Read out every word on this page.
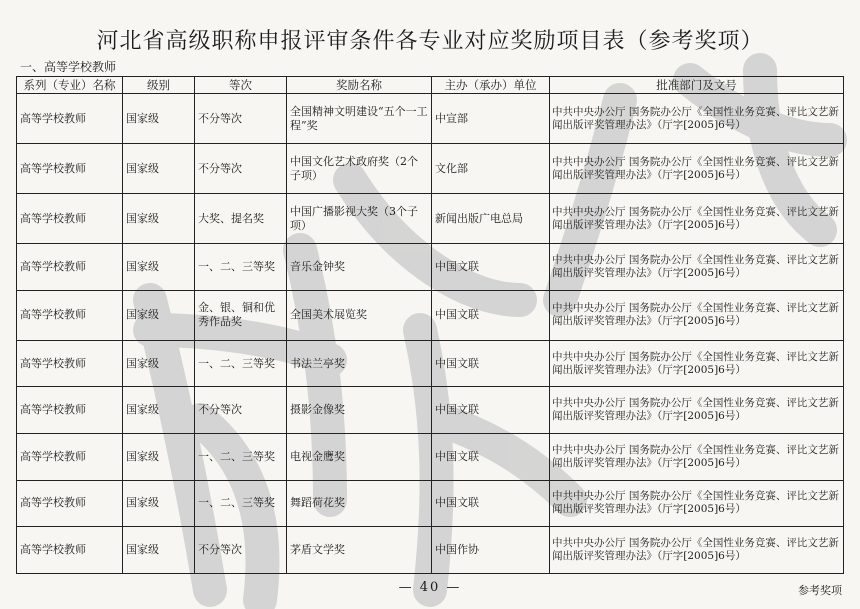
河北省高级职称申报评审条件各专业对应奖励项目表（参考奖项）
一、高等学校教师
系列（专业）名称	级别	等次	奖励名称	主办（承办）单位	批准部门及文号
高等学校教师	国家级	不分等次	全国精神文明建设“五个一工程”奖	中宣部	中共中央办公厅 国务院办公厅《全国性业务竞赛、评比文艺新闻出版评奖管理办法》（厅字[2005]6号）
高等学校教师	国家级	不分等次	中国文化艺术政府奖（2个子项）	文化部	中共中央办公厅 国务院办公厅《全国性业务竞赛、评比文艺新闻出版评奖管理办法》（厅字[2005]6号）
高等学校教师	国家级	大奖、提名奖	中国广播影视大奖（3个子项）	新闻出版广电总局	中共中央办公厅 国务院办公厅《全国性业务竞赛、评比文艺新闻出版评奖管理办法》（厅字[2005]6号）
高等学校教师	国家级	一、二、三等奖	音乐金钟奖	中国文联	中共中央办公厅 国务院办公厅《全国性业务竞赛、评比文艺新闻出版评奖管理办法》（厅字[2005]6号）
高等学校教师	国家级	金、银、铜和优秀作品奖	全国美术展览奖	中国文联	中共中央办公厅 国务院办公厅《全国性业务竞赛、评比文艺新闻出版评奖管理办法》（厅字[2005]6号）
高等学校教师	国家级	一、二、三等奖	书法兰亭奖	中国文联	中共中央办公厅 国务院办公厅《全国性业务竞赛、评比文艺新闻出版评奖管理办法》（厅字[2005]6号）
高等学校教师	国家级	不分等次	摄影金像奖	中国文联	中共中央办公厅 国务院办公厅《全国性业务竞赛、评比文艺新闻出版评奖管理办法》（厅字[2005]6号）
高等学校教师	国家级	一、二、三等奖	电视金鹰奖	中国文联	中共中央办公厅 国务院办公厅《全国性业务竞赛、评比文艺新闻出版评奖管理办法》（厅字[2005]6号）
高等学校教师	国家级	一、二、三等奖	舞蹈荷花奖	中国文联	中共中央办公厅 国务院办公厅《全国性业务竞赛、评比文艺新闻出版评奖管理办法》（厅字[2005]6号）
高等学校教师	国家级	不分等次	茅盾文学奖	中国作协	中共中央办公厅 国务院办公厅《全国性业务竞赛、评比文艺新闻出版评奖管理办法》（厅字[2005]6号）
— 40 —	参考奖项
